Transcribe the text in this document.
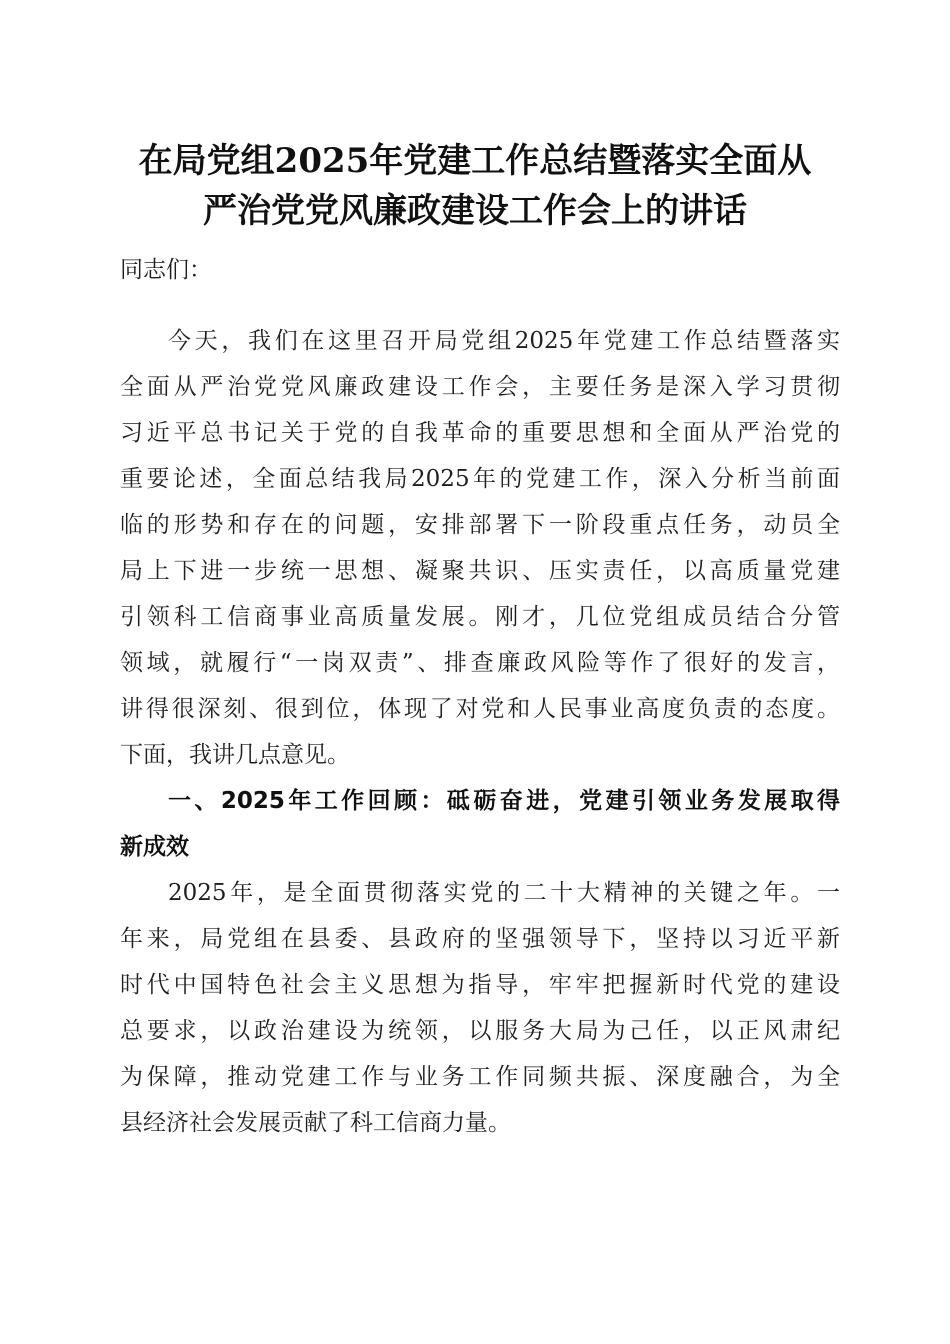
在局党组2025年党建工作总结暨落实全面从
严治党党风廉政建设工作会上的讲话
同志们：
今天，我们在这里召开局党组2025年党建工作总结暨落实
全面从严治党党风廉政建设工作会，主要任务是深入学习贯彻
习近平总书记关于党的自我革命的重要思想和全面从严治党的
重要论述，全面总结我局2025年的党建工作，深入分析当前面
临的形势和存在的问题，安排部署下一阶段重点任务，动员全
局上下进一步统一思想、凝聚共识、压实责任，以高质量党建
引领科工信商事业高质量发展。刚才，几位党组成员结合分管
领域，就履行“一岗双责”、排查廉政风险等作了很好的发言，
讲得很深刻、很到位，体现了对党和人民事业高度负责的态度。
下面，我讲几点意见。
一、2025年工作回顾：砥砺奋进，党建引领业务发展取得
新成效
2025年，是全面贯彻落实党的二十大精神的关键之年。一
年来，局党组在县委、县政府的坚强领导下，坚持以习近平新
时代中国特色社会主义思想为指导，牢牢把握新时代党的建设
总要求，以政治建设为统领，以服务大局为己任，以正风肃纪
为保障，推动党建工作与业务工作同频共振、深度融合，为全
县经济社会发展贡献了科工信商力量。
